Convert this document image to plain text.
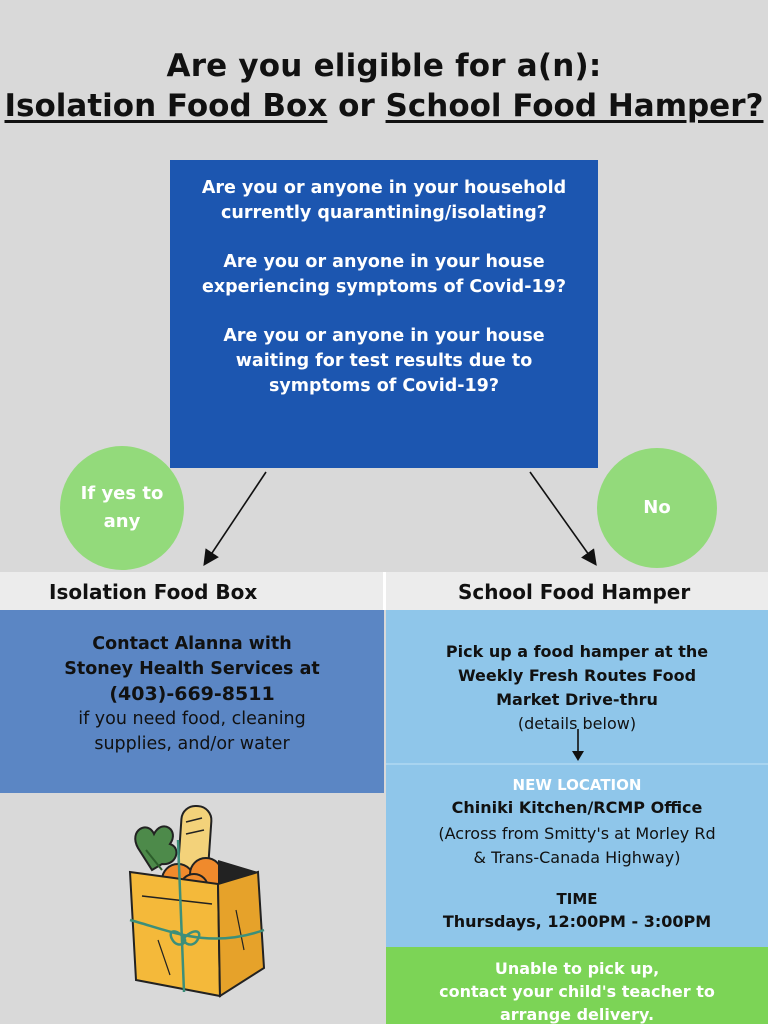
Are you eligible for a(n):
Isolation Food Box or School Food Hamper?

Are you or anyone in your household currently quarantining/isolating?

Are you or anyone in your house experiencing symptoms of Covid-19?

Are you or anyone in your house waiting for test results due to symptoms of Covid-19?

If yes to any
No
Isolation Food Box	School Food Hamper
Contact Alanna with
Stoney Health Services at
(403)-669-8511
if you need food, cleaning
supplies, and/or water
Pick up a food hamper at the
Weekly Fresh Routes Food
Market Drive-thru
(details below)
NEW LOCATION
Chiniki Kitchen/RCMP Office
(Across from Smitty's at Morley Rd
& Trans-Canada Highway)
TIME
Thursdays, 12:00PM - 3:00PM
Unable to pick up,
contact your child's teacher to
arrange delivery.
